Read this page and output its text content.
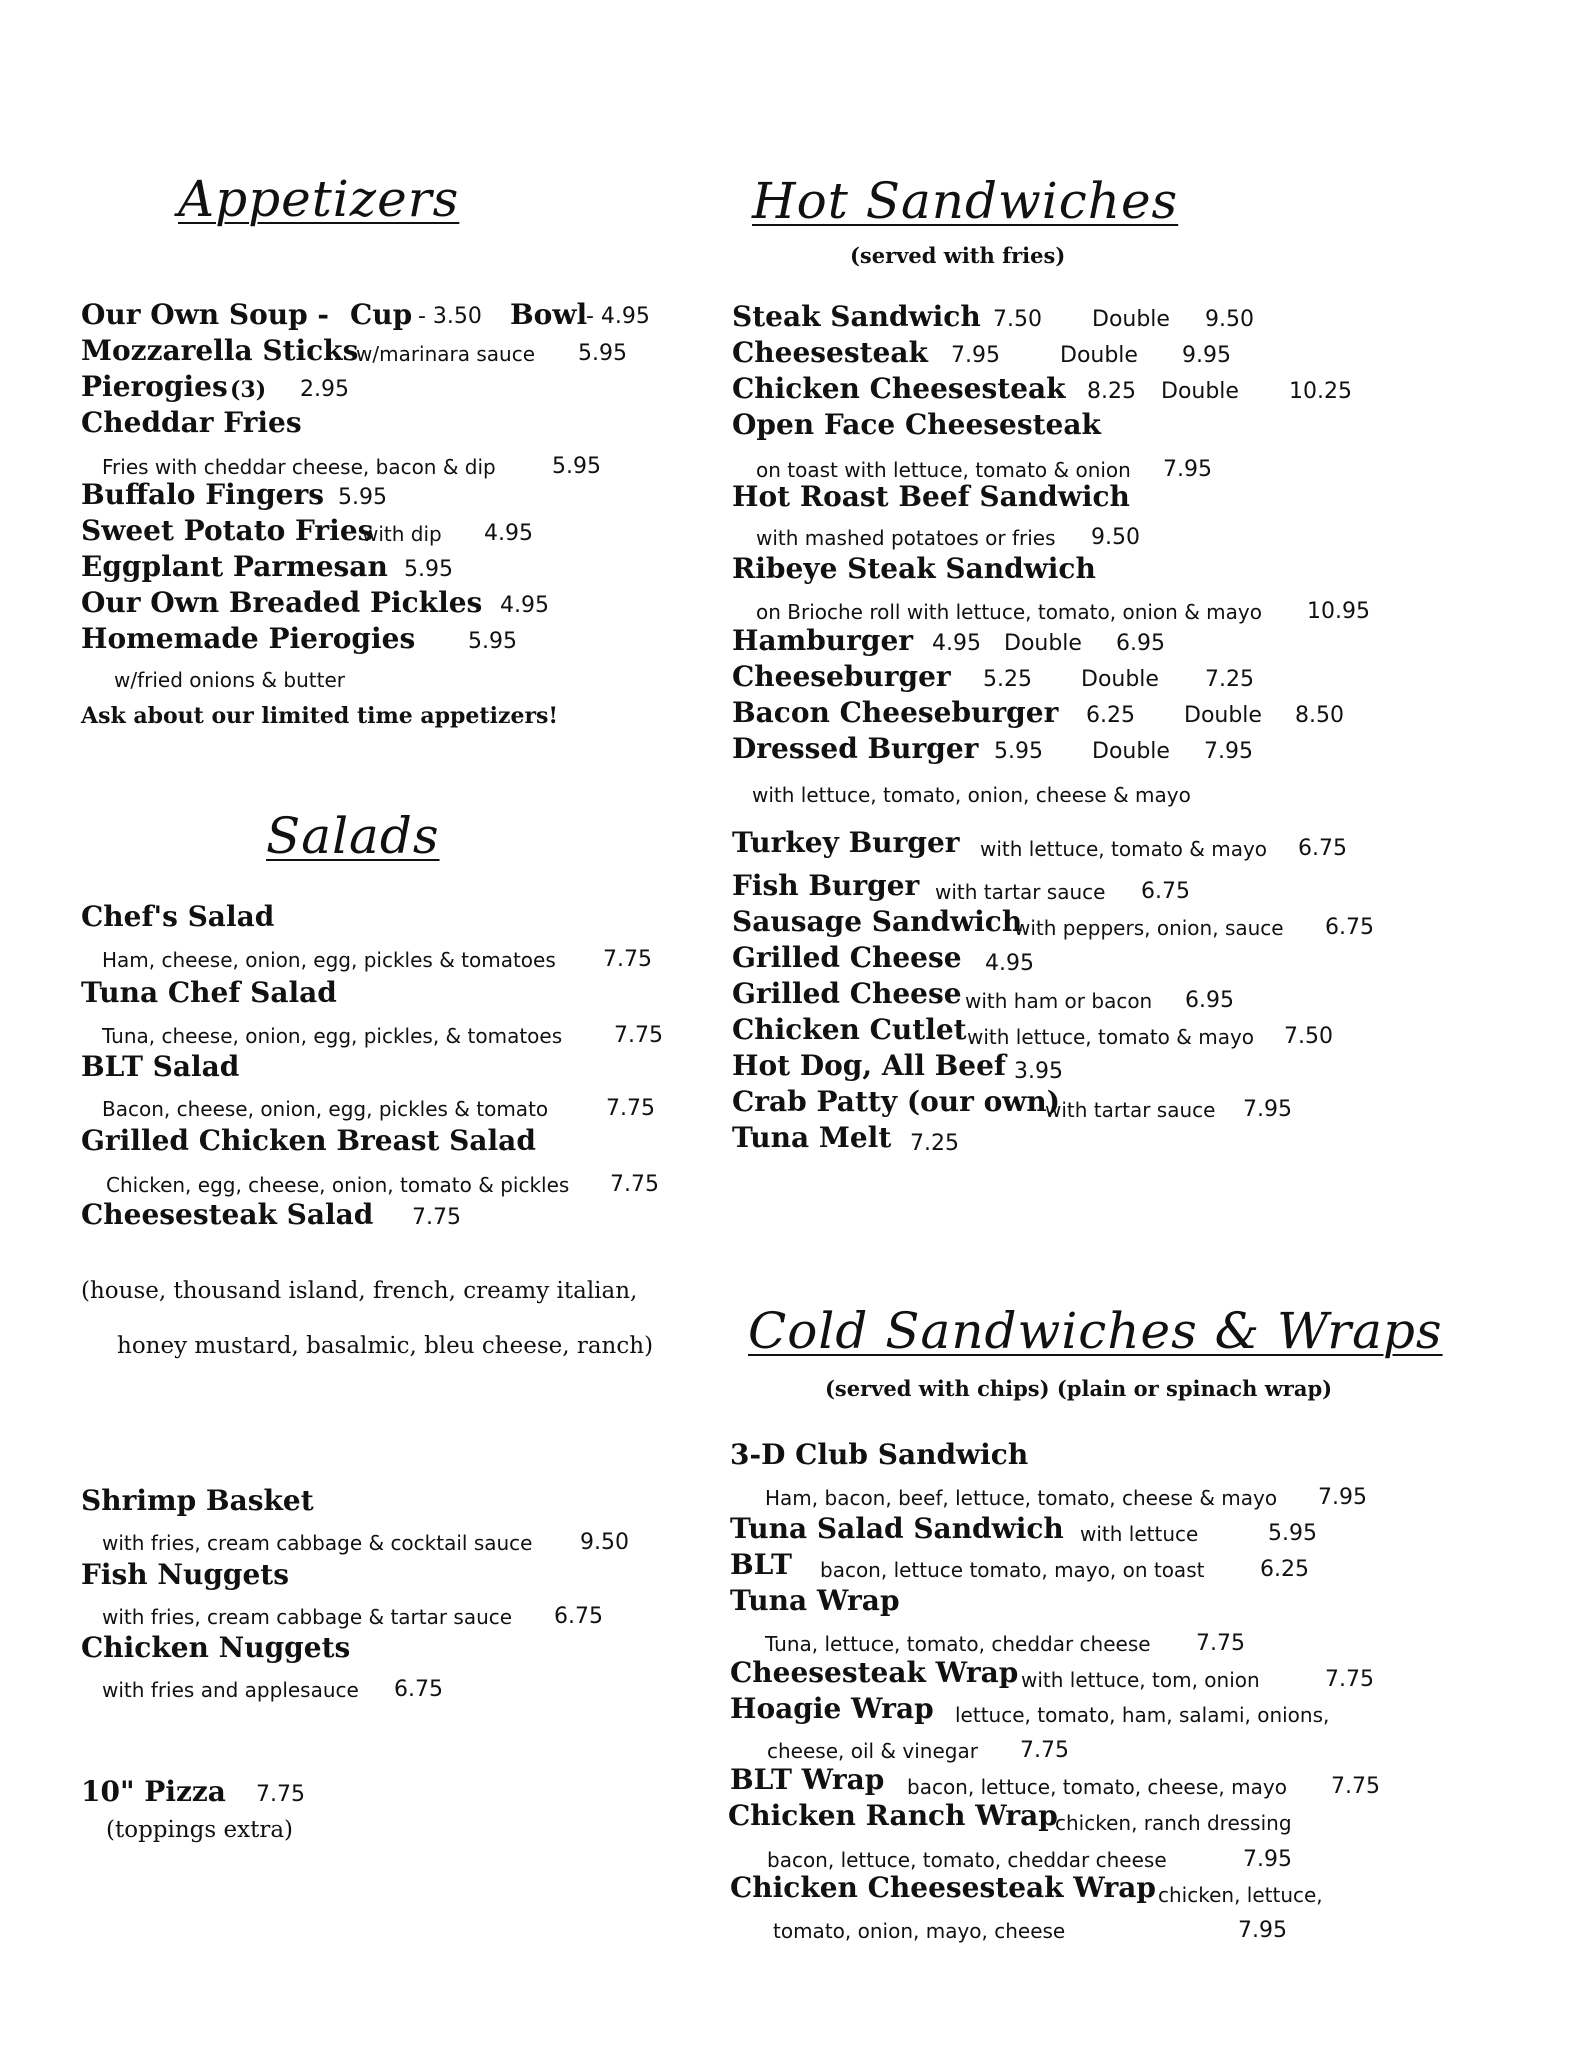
Appetizers
Our Own Soup - Cup - 3.50 Bowl
- 4.95
Mozzarella Sticks
w/marinara sauce 5.95
Pierogies (3) 2.95
Cheddar Fries
Fries with cheddar cheese, bacon & dip	5.95
Buffalo Fingers 5.95
Sweet Potato Fries
with dip 4.95
Eggplant Parmesan 5.95
Our Own Breaded Pickles 4.95
Homemade Pierogies 5.95
w/fried onions & butter
Ask about our limited time appetizers!
Salads
Chef's Salad
Ham, cheese, onion, egg, pickles & tomatoes 7.75
Tuna Chef Salad
Tuna, cheese, onion, egg, pickles, & tomatoes 7.75
BLT Salad
Bacon, cheese, onion, egg, pickles & tomato	7.75
Grilled Chicken Breast Salad
Chicken, egg, cheese, onion, tomato & pickles 7.75
Cheesesteak Salad 7.75
(house, thousand island, french, creamy italian,
honey mustard, basalmic, bleu cheese, ranch)
Shrimp Basket
with fries, cream cabbage & cocktail sauce 9.50
Fish Nuggets
with fries, cream cabbage & tartar sauce 6.75
Chicken Nuggets
with fries and applesauce 6.75
10" Pizza 7.75
(toppings extra)
Hot Sandwiches
(served with fries)
Steak Sandwich 7.50 Double 9.50
Cheesesteak 7.95	Double 9.95
Chicken Cheesesteak 8.25 Double 10.25
Open Face Cheesesteak
on toast with lettuce, tomato & onion 7.95
Hot Roast Beef Sandwich
with mashed potatoes or fries 9.50
Ribeye Steak Sandwich
on Brioche roll with lettuce, tomato, onion & mayo 10.95
Hamburger 4.95 Double 6.95
Cheeseburger 5.25 Double 7.25
Bacon Cheeseburger 6.25 Double 8.50
Dressed Burger 5.95 Double 7.95
with lettuce, tomato, onion, cheese & mayo
Turkey Burger with lettuce, tomato & mayo 6.75
Fish Burger with tartar sauce 6.75
Sausage Sandwich
with peppers, onion, sauce 6.75
Grilled Cheese 4.95
Grilled Cheese with ham or bacon 6.95
Chicken Cutlet with lettuce, tomato & mayo 7.50
Hot Dog, All Beef 3.95
Crab Patty (our own)
with tartar sauce 7.95
Tuna Melt 7.25
Cold Sandwiches & Wraps
(served with chips) (plain or spinach wrap)
3-D Club Sandwich
Ham, bacon, beef, lettuce, tomato, cheese & mayo 7.95
Tuna Salad Sandwich with lettuce	5.95
BLT bacon, lettuce tomato, mayo, on toast	6.25
Tuna Wrap
Tuna, lettuce, tomato, cheddar cheese 7.75
Cheesesteak Wrap with lettuce, tom, onion	7.75
Hoagie Wrap lettuce, tomato, ham, salami, onions,
cheese, oil & vinegar 7.75
BLT Wrap bacon, lettuce, tomato, cheese, mayo 7.75
Chicken Ranch Wrap
chicken, ranch dressing
bacon, lettuce, tomato, cheddar cheese	7.95
Chicken Cheesesteak Wrap chicken, lettuce,
tomato, onion, mayo, cheese	7.95
